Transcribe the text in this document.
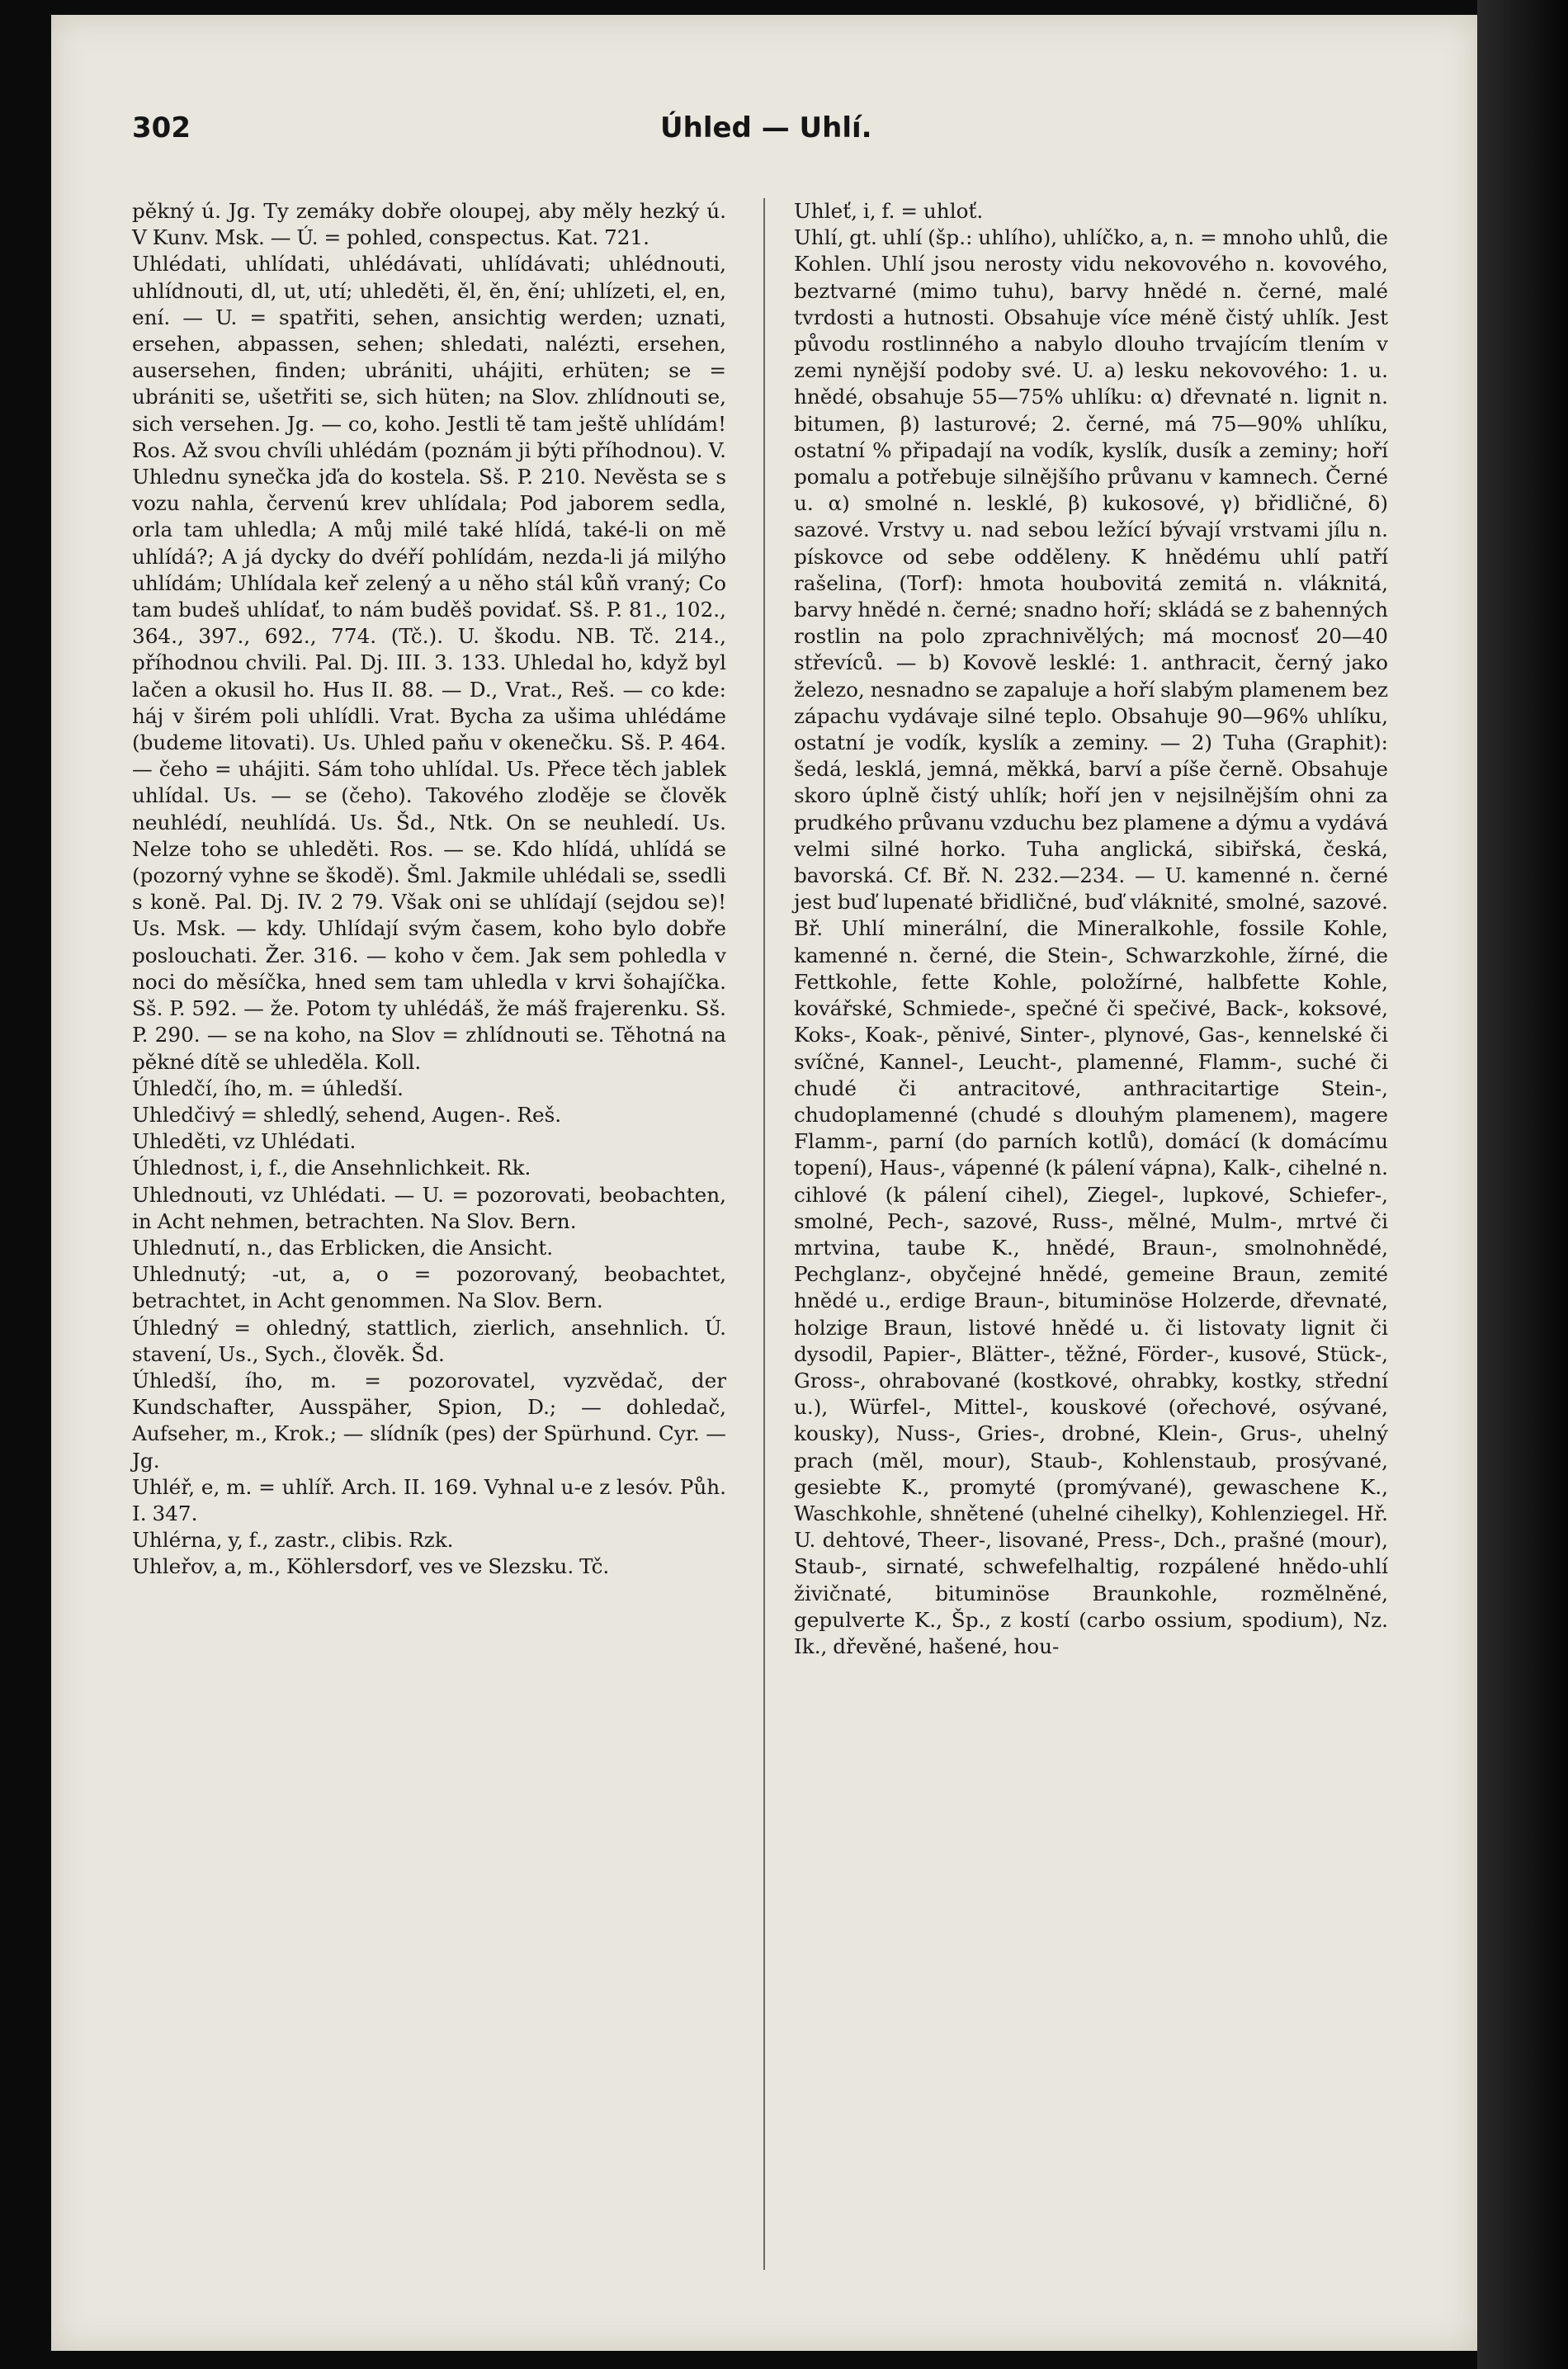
302	Úhled — Uhlí.

pěkný ú. Jg. Ty zemáky dobře oloupej, aby měly hezký ú. V Kunv. Msk. — Ú. = pohled, conspectus. Kat. 721.

Uhlédati, uhlídati, uhlédávati, uhlídávati; uhlédnouti, uhlídnouti, dl, ut, utí; uhleděti, ěl, ěn, ění; uhlízeti, el, en, ení. — U. = spatřiti, sehen, ansichtig werden; uznati, ersehen, abpassen, sehen; shledati, nalézti, ersehen, ausersehen, finden; ubrániti, uhájiti, erhüten; se = ubrániti se, ušetřiti se, sich hüten; na Slov. zhlídnouti se, sich versehen. Jg. — co, koho. Jestli tě tam ještě uhlídám! Ros. Až svou chvíli uhlédám (poznám ji býti příhodnou). V. Uhlednu synečka jďa do kostela. Sš. P. 210. Nevěsta se s vozu nahla, červenú krev uhlídala; Pod jaborem sedla, orla tam uhledla; A můj milé také hlídá, také-li on mě uhlídá?; A já dycky do dvéří pohlídám, nezda-li já milýho uhlídám; Uhlídala keř zelený a u něho stál kůň vraný; Co tam budeš uhlídať, to nám buděš povidať. Sš. P. 81., 102., 364., 397., 692., 774. (Tč.). U. škodu. NB. Tč. 214., příhodnou chvili. Pal. Dj. III. 3. 133. Uhledal ho, když byl lačen a okusil ho. Hus II. 88. — D., Vrat., Reš. — co kde: háj v širém poli uhlídli. Vrat. Bycha za ušima uhlédáme (budeme litovati). Us. Uhled paňu v okenečku. Sš. P. 464. — čeho = uhájiti. Sám toho uhlídal. Us. Přece těch jablek uhlídal. Us. — se (čeho). Takového zloděje se člověk neuhlédí, neuhlídá. Us. Šd., Ntk. On se neuhledí. Us. Nelze toho se uhleděti. Ros. — se. Kdo hlídá, uhlídá se (pozorný vyhne se škodě). Šml. Jakmile uhlédali se, ssedli s koně. Pal. Dj. IV. 2 79. Však oni se uhlídají (sejdou se)! Us. Msk. — kdy. Uhlídají svým časem, koho bylo dobře poslouchati. Žer. 316. — koho v čem. Jak sem pohledla v noci do měsíčka, hned sem tam uhledla v krvi šohajíčka. Sš. P. 592. — že. Potom ty uhlédáš, že máš frajerenku. Sš. P. 290. — se na koho, na Slov = zhlídnouti se. Těhotná na pěkné dítě se uhleděla. Koll.

Úhledčí, ího, m. = úhledší.

Uhledčivý = shledlý, sehend, Augen-. Reš.

Uhleděti, vz Uhlédati.

Úhlednost, i, f., die Ansehnlichkeit. Rk.

Uhlednouti, vz Uhlédati. — U. = pozorovati, beobachten, in Acht nehmen, betrachten. Na Slov. Bern.

Uhlednutí, n., das Erblicken, die Ansicht.

Uhlednutý; -ut, a, o = pozorovaný, beobachtet, betrachtet, in Acht genommen. Na Slov. Bern.

Úhledný = ohledný, stattlich, zierlich, ansehnlich. Ú. stavení, Us., Sych., člověk. Šd.

Úhledší, ího, m. = pozorovatel, vyzvědač, der Kundschafter, Ausspäher, Spion, D.; — dohledač, Aufseher, m., Krok.; — slídník (pes) der Spürhund. Cyr. — Jg.

Uhléř, e, m. = uhlíř. Arch. II. 169. Vyhnal u-e z lesóv. Půh. I. 347.

Uhlérna, y, f., zastr., clibis. Rzk.

Uhleřov, a, m., Köhlersdorf, ves ve Slezsku. Tč.

Uhleť, i, f. = uhloť.

Uhlí, gt. uhlí (šp.: uhlího), uhlíčko, a, n. = mnoho uhlů, die Kohlen. Uhlí jsou nerosty vidu nekovového n. kovového, beztvarné (mimo tuhu), barvy hnědé n. černé, malé tvrdosti a hutnosti. Obsahuje více méně čistý uhlík. Jest původu rostlinného a nabylo dlouho trvajícím tlením v zemi nynější podoby své. U. a) lesku nekovového: 1. u. hnědé, obsahuje 55—75% uhlíku: α) dřevnaté n. lignit n. bitumen, β) lasturové; 2. černé, má 75—90% uhlíku, ostatní % připadají na vodík, kyslík, dusík a zeminy; hoří pomalu a potřebuje silnějšího průvanu v kamnech. Černé u. α) smolné n. lesklé, β) kukosové, γ) břidličné, δ) sazové. Vrstvy u. nad sebou ležící bývají vrstvami jílu n. pískovce od sebe odděleny. K hnědému uhlí patří rašelina, (Torf): hmota houbovitá zemitá n. vláknitá, barvy hnědé n. černé; snadno hoří; skládá se z bahenných rostlin na polo zprachnivělých; má mocnosť 20—40 střevíců. — b) Kovově lesklé: 1. anthracit, černý jako železo, nesnadno se zapaluje a hoří slabým plamenem bez zápachu vydávaje silné teplo. Obsahuje 90—96% uhlíku, ostatní je vodík, kyslík a zeminy. — 2) Tuha (Graphit): šedá, lesklá, jemná, měkká, barví a píše černě. Obsahuje skoro úplně čistý uhlík; hoří jen v nejsilnějším ohni za prudkého průvanu vzduchu bez plamene a dýmu a vydává velmi silné horko. Tuha anglická, sibiřská, česká, bavorská. Cf. Bř. N. 232.—234. — U. kamenné n. černé jest buď lupenaté břidličné, buď vláknité, smolné, sazové. Bř. Uhlí minerální, die Mineralkohle, fossile Kohle, kamenné n. černé, die Stein-, Schwarzkohle, žírné, die Fettkohle, fette Kohle, položírné, halbfette Kohle, kovářské, Schmiede-, spečné či spečivé, Back-, koksové, Koks-, Koak-, pěnivé, Sinter-, plynové, Gas-, kennelské či svíčné, Kannel-, Leucht-, plamenné, Flamm-, suché či chudé či antracitové, anthracitartige Stein-, chudoplamenné (chudé s dlouhým plamenem), magere Flamm-, parní (do parních kotlů), domácí (k domácímu topení), Haus-, vápenné (k pálení vápna), Kalk-, cihelné n. cihlové (k pálení cihel), Ziegel-, lupkové, Schiefer-, smolné, Pech-, sazové, Russ-, mělné, Mulm-, mrtvé či mrtvina, taube K., hnědé, Braun-, smolnohnědé, Pechglanz-, obyčejné hnědé, gemeine Braun, zemité hnědé u., erdige Braun-, bituminöse Holzerde, dřevnaté, holzige Braun, listové hnědé u. či listovaty lignit či dysodil, Papier-, Blätter-, těžné, Förder-, kusové, Stück-, Gross-, ohrabované (kostkové, ohrabky, kostky, střední u.), Würfel-, Mittel-, kouskové (ořechové, osývané, kousky), Nuss-, Gries-, drobné, Klein-, Grus-, uhelný prach (měl, mour), Staub-, Kohlenstaub, prosývané, gesiebte K., promyté (promývané), gewaschene K., Waschkohle, shnětené (uhelné cihelky), Kohlenziegel. Hř. U. dehtové, Theer-, lisované, Press-, Dch., prašné (mour), Staub-, sirnaté, schwefelhaltig, rozpálené hnědo-uhlí živičnaté, bituminöse Braunkohle, rozmělněné, gepulverte K., Šp., z kostí (carbo ossium, spodium), Nz. Ik., dřevěné, hašené, hou-
